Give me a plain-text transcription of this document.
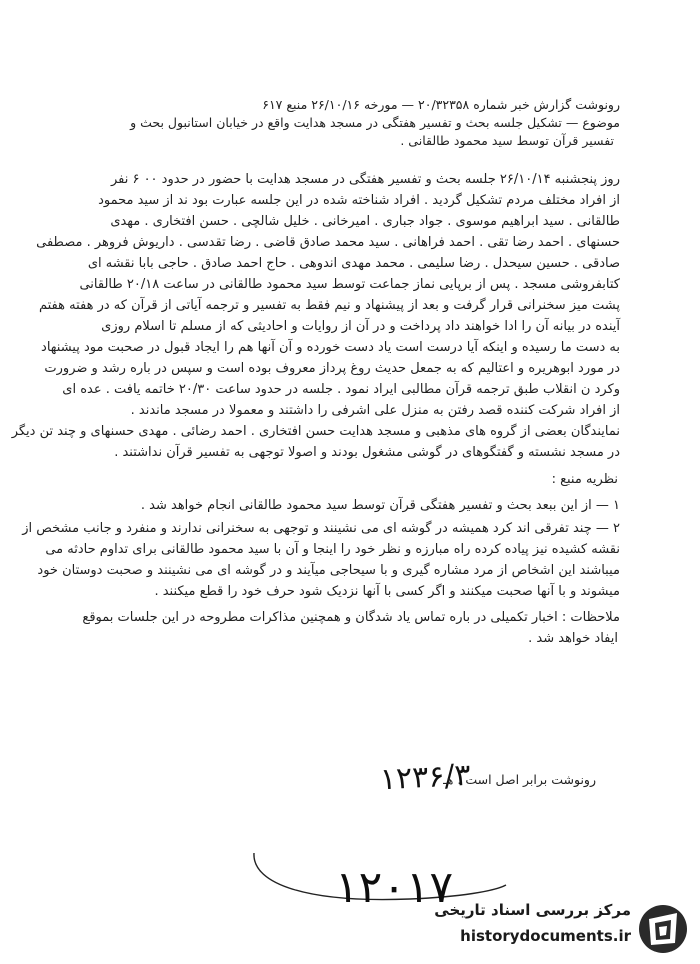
رونوشت گزارش خبر شماره ۲۰/۳۲۳۵۸ — مورخه ۲۶/۱۰/۱۶ منبع ۶۱۷
موضوع — تشکیل جلسه بحث و تفسیر هفتگی در مسجد هدایت واقع در خیابان استانبول بحث و
تفسیر قرآن توسط سید محمود طالقانی .
روز پنجشنبه ۲۶/۱۰/۱۴ جلسه بحث و تفسیر هفتگی در مسجد هدایت با حضور در حدود ۰۰ ۶ نفر
از افراد مختلف مردم تشکیل گردید . افراد شناخته شده در این جلسه عبارت بود ند از سید محمود
طالقانی . سید ابراهیم موسوی . جواد جباری . امیرخانی . خلیل شالچی . حسن افتخاری . مهدی
حسنهای . احمد رضا تقی . احمد فراهانی . سید محمد صادق قاضی . رضا تقدسی . داریوش فروهر . مصطفی
صادقی . حسین سیحدل . رضا سلیمی . محمد مهدی اندوهی . حاج احمد صادق . حاجی بابا نقشه ای
کتابفروشی مسجد . پس از برپایی نماز جماعت توسط سید محمود طالقانی در ساعت ۲۰/۱۸ طالقانی
پشت میز سخنرانی قرار گرفت و بعد از پیشنهاد و نیم فقط به تفسیر و ترجمه آیاتی از قرآن که در هفته هفتم
آینده در بیانه آن را ادا خواهند داد پرداخت و در آن از روایات و احادیثی که از مسلم تا اسلام روزی
به دست ما رسیده و اینکه آیا درست است یاد دست خورده و آن آنها هم را ایجاد قبول در صحبت مود پیشنهاد
در مورد ابوهریره و اعتالیم که به جمعل حدیث روغ پرداز معروف بوده است و سپس در باره رشد و ضرورت
وکرد ن انقلاب طبق ترجمه قرآن مطالبی ایراد نمود . جلسه در حدود ساعت ۲۰/۳۰ خاتمه یافت . عده ای
از افراد شرکت کننده قصد رفتن به منزل علی اشرفی را داشتند و معمولا در مسجد ماندند .
نمایندگان بعضی از گروه های مذهبی و مسجد هدایت حسن افتخاری . احمد رضائی . مهدی حسنهای و چند تن دیگر
در مسجد نشسته و گفتگوهای در گوشی مشغول بودند و اصولا توجهی به تفسیر قرآن نداشتند .
نظریه منبع :
۱ — از این ببعد بحث و تفسیر هفتگی قرآن توسط سید محمود طالقانی انجام خواهد شد .
۲ — چند تفرقی اند کرد همیشه در گوشه ای می نشینند و توجهی به سخنرانی ندارند و منفرد و جانب مشخص از
نقشه کشیده نیز پیاده کرده راه مبارزه و نظر خود را اینجا و آن با سید محمود طالقانی برای تداوم حادثه می
میباشند این اشخاص از مرد مشاره گیری و با سیحاجی میآیند و در گوشه ای می نشینند و صحبت دوستان خود
میشوند و با آنها صحبت میکنند و اگر کسی با آنها نزدیک شود حرف خود را قطع میکنند .
ملاحظات : اخبار تکمیلی در باره تماس یاد شدگان و همچنین مذاکرات مطروحه در این جلسات بموقع
ایفاد خواهد شد .
۱۲۳۶/۳
رونوشت برابر اصل است . هـ
۱۲۰۱۷
مرکز بررسی اسناد تاریخی
historydocuments.ir
